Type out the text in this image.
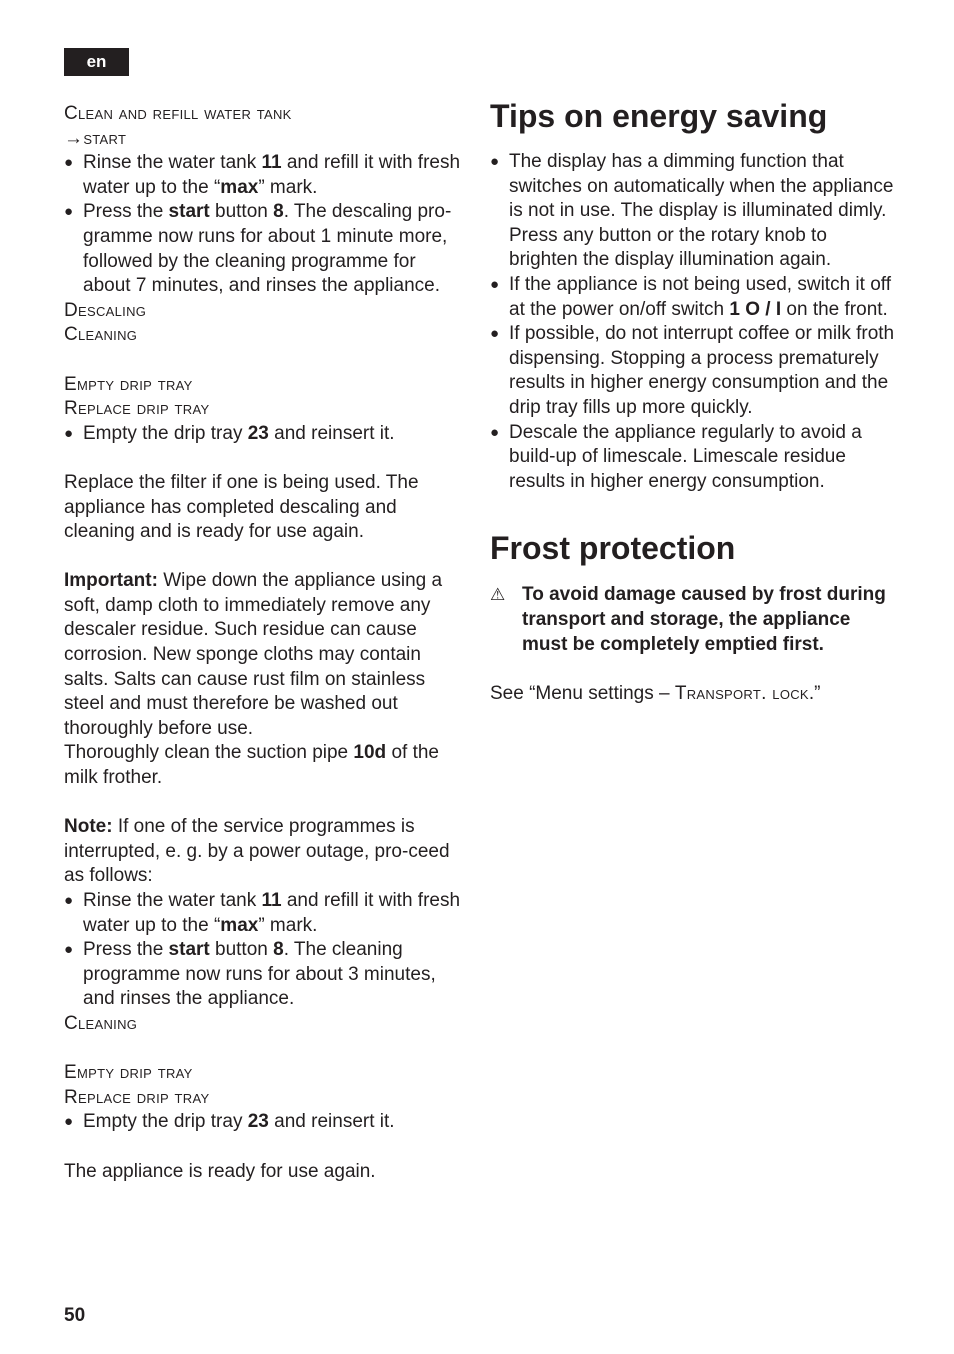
en
Clean and refill water tank
→start
● Rinse the water tank 11 and refill it with fresh water up to the “max” mark.
● Press the start button 8. The descaling pro-gramme now runs for about 1 minute more, followed by the cleaning programme for about 7 minutes, and rinses the appliance.
Descaling
Cleaning
Empty drip tray
Replace drip tray
● Empty the drip tray 23 and reinsert it.

Replace the filter if one is being used. The appliance has completed descaling and cleaning and is ready for use again.

Important: Wipe down the appliance using a soft, damp cloth to immediately remove any descaler residue. Such residue can cause corrosion. New sponge cloths may contain salts. Salts can cause rust film on stainless steel and must therefore be washed out thoroughly before use.

Thoroughly clean the suction pipe 10d of the milk frother.

Note: If one of the service programmes is interrupted, e. g. by a power outage, pro-ceed as follows:

● Rinse the water tank 11 and refill it with fresh water up to the “max” mark.
● Press the start button 8. The cleaning programme now runs for about 3 minutes, and rinses the appliance.
Cleaning
Empty drip tray
Replace drip tray
● Empty the drip tray 23 and reinsert it.

The appliance is ready for use again.

Tips on energy saving
● The display has a dimming function that switches on automatically when the appliance is not in use. The display is illuminated dimly. Press any button or the rotary knob to brighten the display illumination again.
● If the appliance is not being used, switch it off at the power on/off switch 1 O / I on the front.
● If possible, do not interrupt coffee or milk froth dispensing. Stopping a process prematurely results in higher energy consumption and the drip tray fills up more quickly.
● Descale the appliance regularly to avoid a build-up of limescale. Limescale residue results in higher energy consumption.
Frost protection
⚠ To avoid damage caused by frost during transport and storage, the appliance must be completely emptied first.

See “Menu settings – Transport. lock.”

50
